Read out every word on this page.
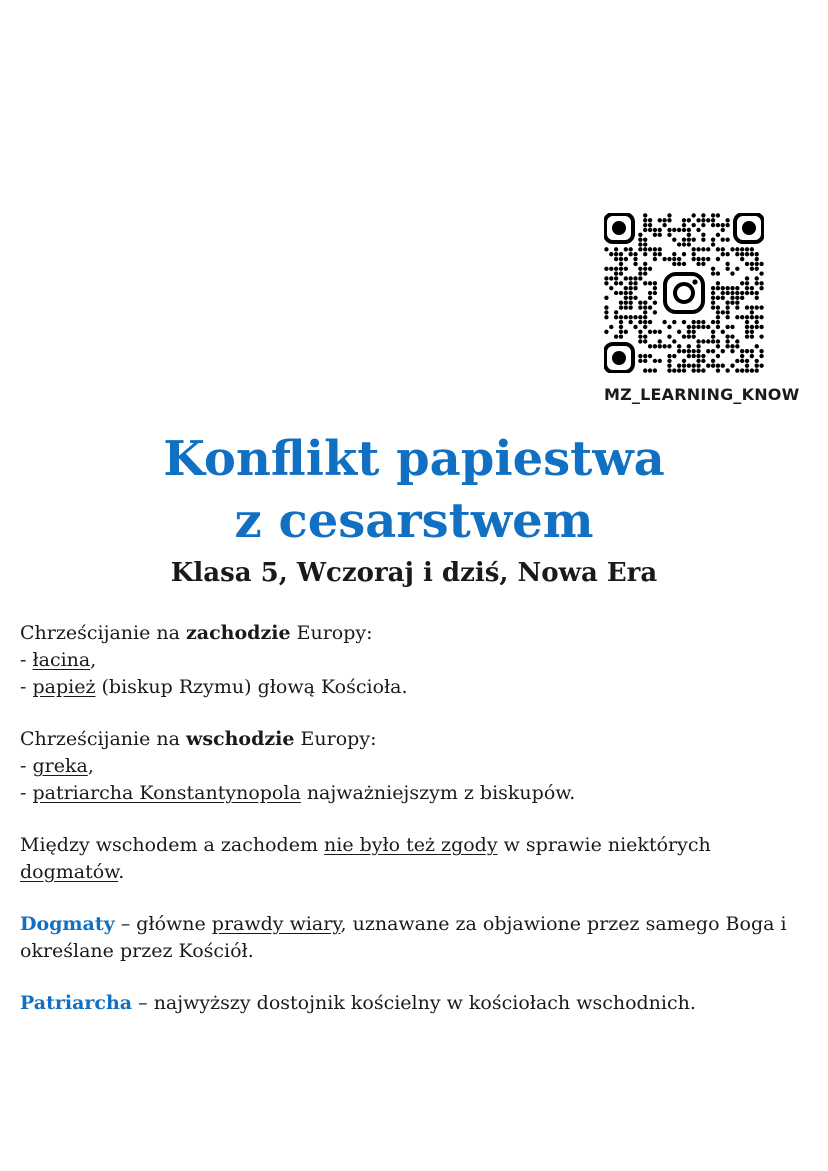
MZ_LEARNING_KNOW
Konflikt papiestwa
z cesarstwem
Klasa 5, Wczoraj i dziś, Nowa Era

Chrześcijanie na zachodzie Europy:
- łacina,
- papież (biskup Rzymu) głową Kościoła.

Chrześcijanie na wschodzie Europy:
- greka,
- patriarcha Konstantynopola najważniejszym z biskupów.

Między wschodem a zachodem nie było też zgody w sprawie niektórych dogmatów.

Dogmaty – główne prawdy wiary, uznawane za objawione przez samego Boga i określane przez Kościół.

Patriarcha – najwyższy dostojnik kościelny w kościołach wschodnich.
